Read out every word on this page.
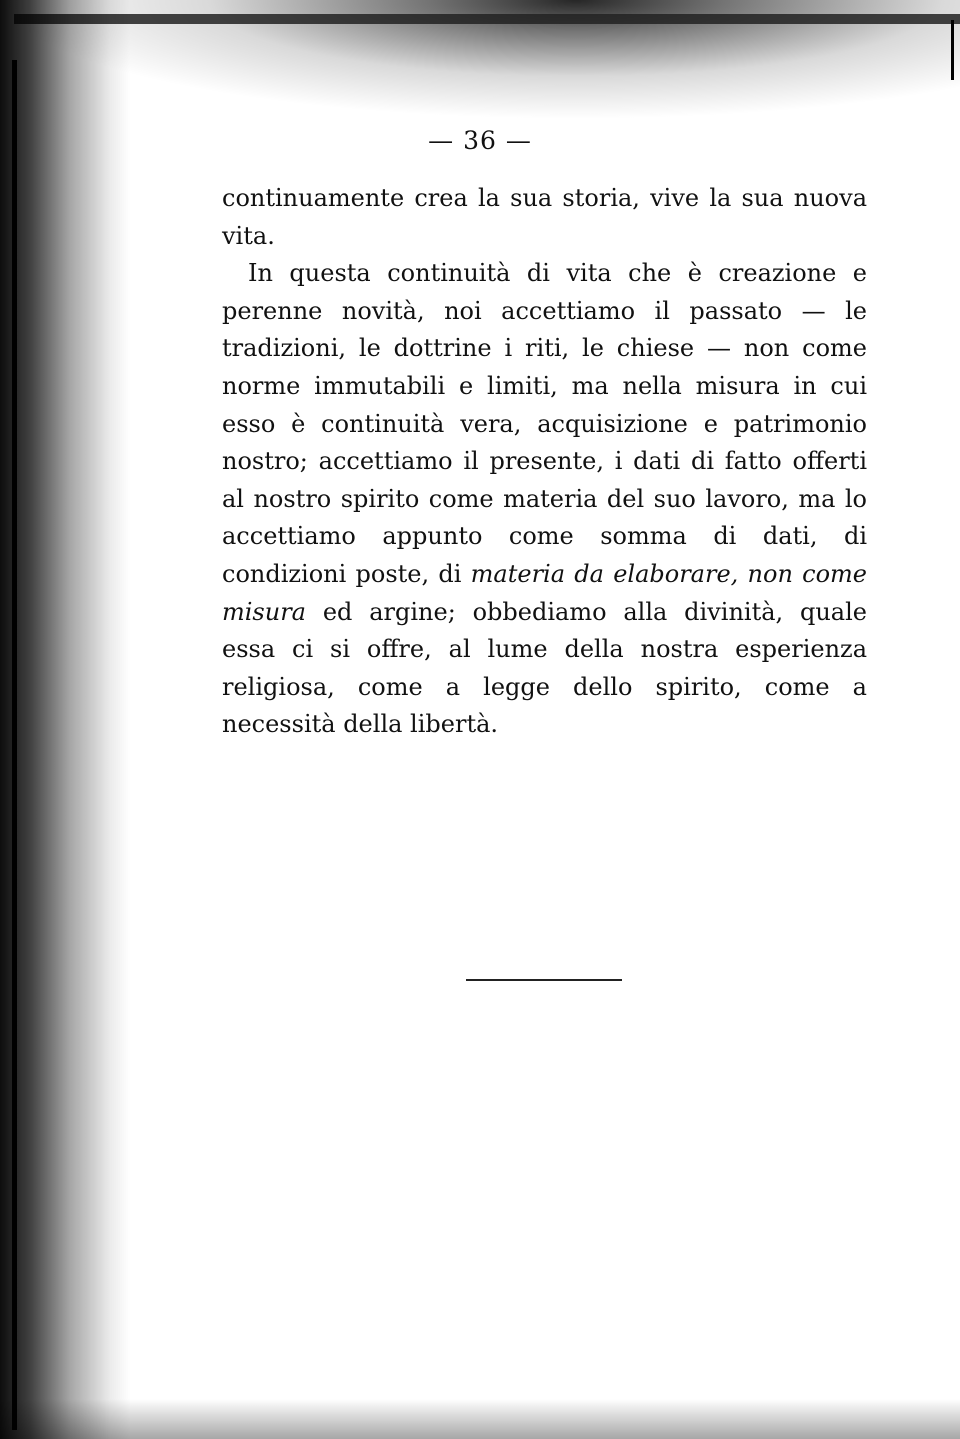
— 36 —

continuamente crea la sua storia, vive la sua nuova vita.

In questa continuità di vita che è creazione e perenne novità, noi accettiamo il passato — le tradizioni, le dottrine i riti, le chiese — non come norme immutabili e limiti, ma nella misura in cui esso è continuità vera, acquisizione e patrimonio nostro; accettiamo il presente, i dati di fatto offerti al nostro spirito come materia del suo lavoro, ma lo accettiamo appunto come somma di dati, di condizioni poste, di materia da elaborare, non come misura ed argine; obbediamo alla divinità, quale essa ci si offre, al lume della nostra esperienza religiosa, come a legge dello spirito, come a necessità della libertà.
